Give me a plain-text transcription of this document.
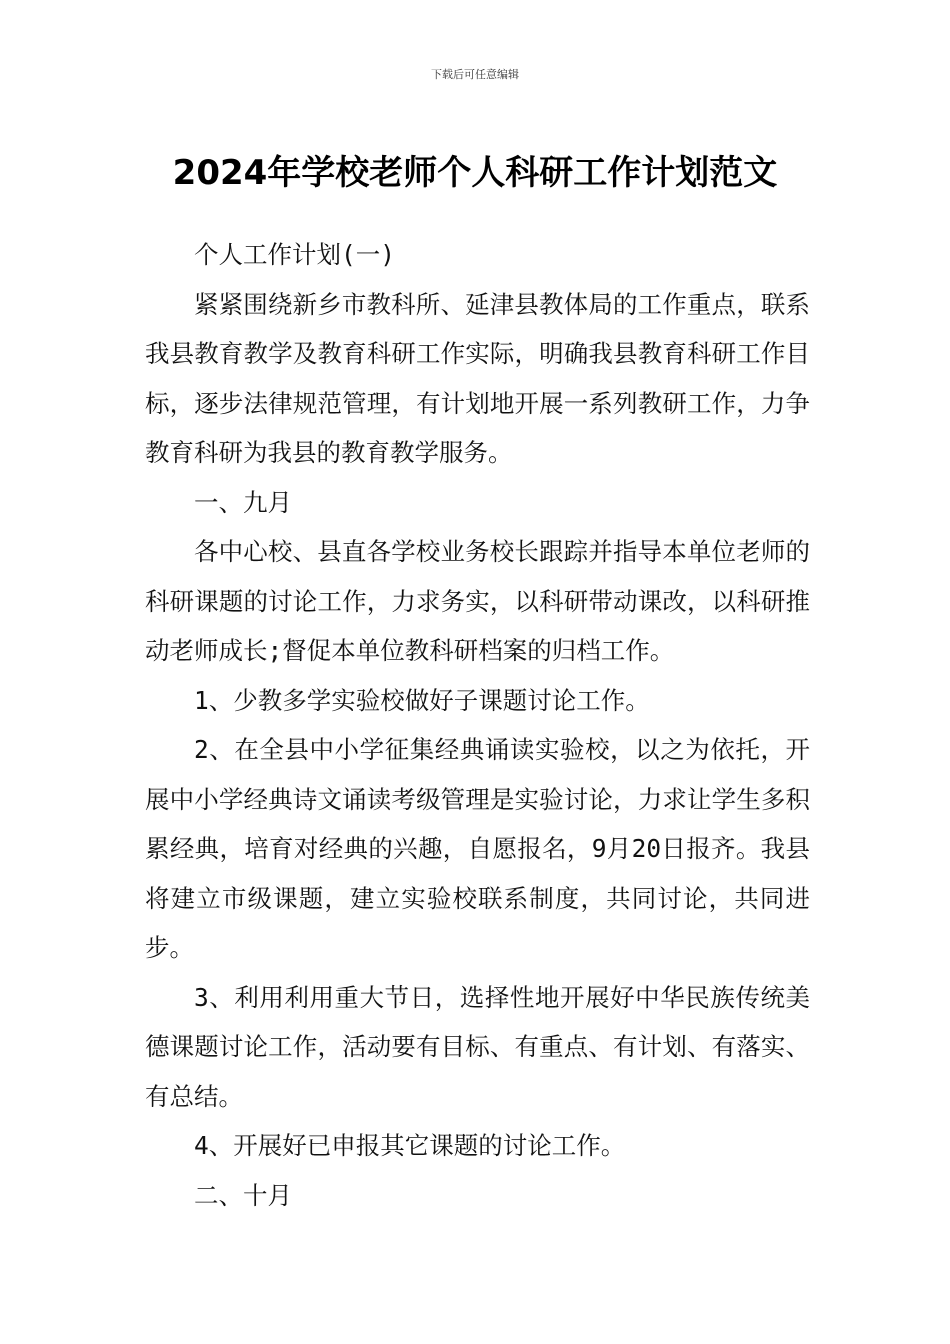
下载后可任意编辑
2024年学校老师个人科研工作计划范文

个人工作计划(一)

紧紧围绕新乡市教科所、延津县教体局的工作重点，联系我县教育教学及教育科研工作实际，明确我县教育科研工作目标，逐步法律规范管理，有计划地开展一系列教研工作，力争教育科研为我县的教育教学服务。

一、九月

各中心校、县直各学校业务校长跟踪并指导本单位老师的科研课题的讨论工作，力求务实，以科研带动课改，以科研推动老师成长;督促本单位教科研档案的归档工作。

1、少教多学实验校做好子课题讨论工作。

2、在全县中小学征集经典诵读实验校，以之为依托，开展中小学经典诗文诵读考级管理是实验讨论，力求让学生多积累经典，培育对经典的兴趣，自愿报名，9月20日报齐。我县将建立市级课题，建立实验校联系制度，共同讨论，共同进步。

3、利用利用重大节日，选择性地开展好中华民族传统美德课题讨论工作，活动要有目标、有重点、有计划、有落实、有总结。

4、开展好已申报其它课题的讨论工作。

二、十月
